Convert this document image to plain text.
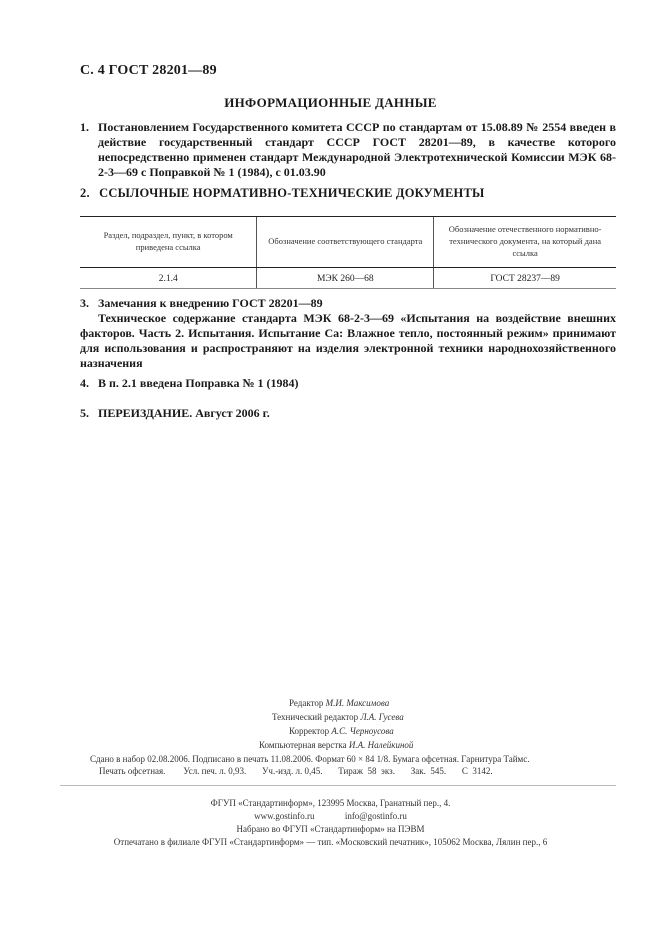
С. 4 ГОСТ 28201—89
ИНФОРМАЦИОННЫЕ ДАННЫЕ
1. Постановлением Государственного комитета СССР по стандартам от 15.08.89 № 2554 введен в действие государственный стандарт СССР ГОСТ 28201—89, в качестве которого непосредственно применен стандарт Международной Электротехнической Комиссии МЭК 68-2-3—69 с Поправкой № 1 (1984), с 01.03.90
2. ССЫЛОЧНЫЕ НОРМАТИВНО-ТЕХНИЧЕСКИЕ ДОКУМЕНТЫ
Раздел, подраздел, пункт, в котором приведена ссылка	Обозначение соответствующего стандарта	Обозначение отечественного нормативно-технического документа, на который дана ссылка
2.1.4	МЭК 260—68	ГОСТ 28237—89
3. Замечания к внедрению ГОСТ 28201—89
Техническое содержание стандарта МЭК 68-2-3—69 «Испытания на воздействие внешних факторов. Часть 2. Испытания. Испытание Са: Влажное тепло, постоянный режим» принимают для использования и распространяют на изделия электронной техники народнохозяйственного назначения
4. В п. 2.1 введена Поправка № 1 (1984)
5. ПЕРЕИЗДАНИЕ. Август 2006 г.
Редактор М.И. Максимова
Технический редактор Л.А. Гусева
Корректор А.С. Черноусова
Компьютерная верстка И.А. Налейкиной
Сдано в набор 02.08.2006. Подписано в печать 11.08.2006. Формат 60 × 84 1/8. Бумага офсетная. Гарнитура Таймс.
Печать офсетная.        Усл. печ. л. 0,93.       Уч.-изд. л. 0,45.       Тираж  58  экз.       Зак.  545.       С  3142.
ФГУП «Стандартинформ», 123995 Москва, Гранатный пер., 4.
www.gostinfo.ru	info@gostinfo.ru
Набрано во ФГУП «Стандартинформ» на ПЭВМ
Отпечатано в филиале ФГУП «Стандартинформ» — тип. «Московский печатник», 105062 Москва, Лялин пер., 6
